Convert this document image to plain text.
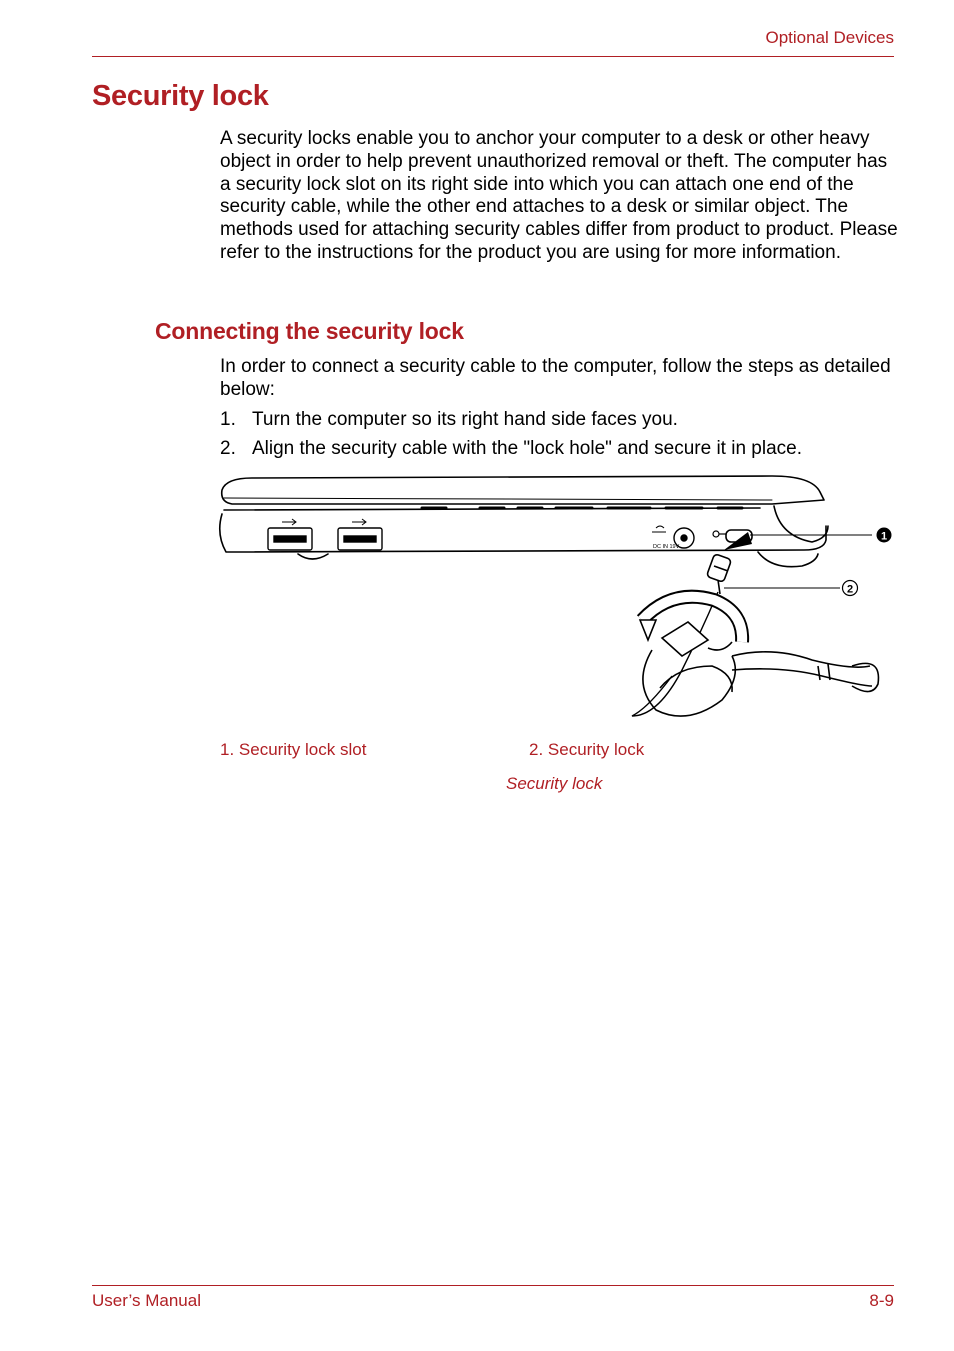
Optional Devices
Security lock
A security locks enable you to anchor your computer to a desk or other heavy object in order to help prevent unauthorized removal or theft. The computer has a security lock slot on its right side into which you can attach one end of the security cable, while the other end attaches to a desk or similar object. The methods used for attaching security cables differ from product to product. Please refer to the instructions for the product you are using for more information.
Connecting the security lock
In order to connect a security cable to the computer, follow the steps as detailed below:
1. Turn the computer so its right hand side faces you.
2. Align the security cable with the "lock hole" and secure it in place.
DC IN 19V
1
2
1. Security lock slot	2. Security lock
Security lock
User’s Manual	8-9
